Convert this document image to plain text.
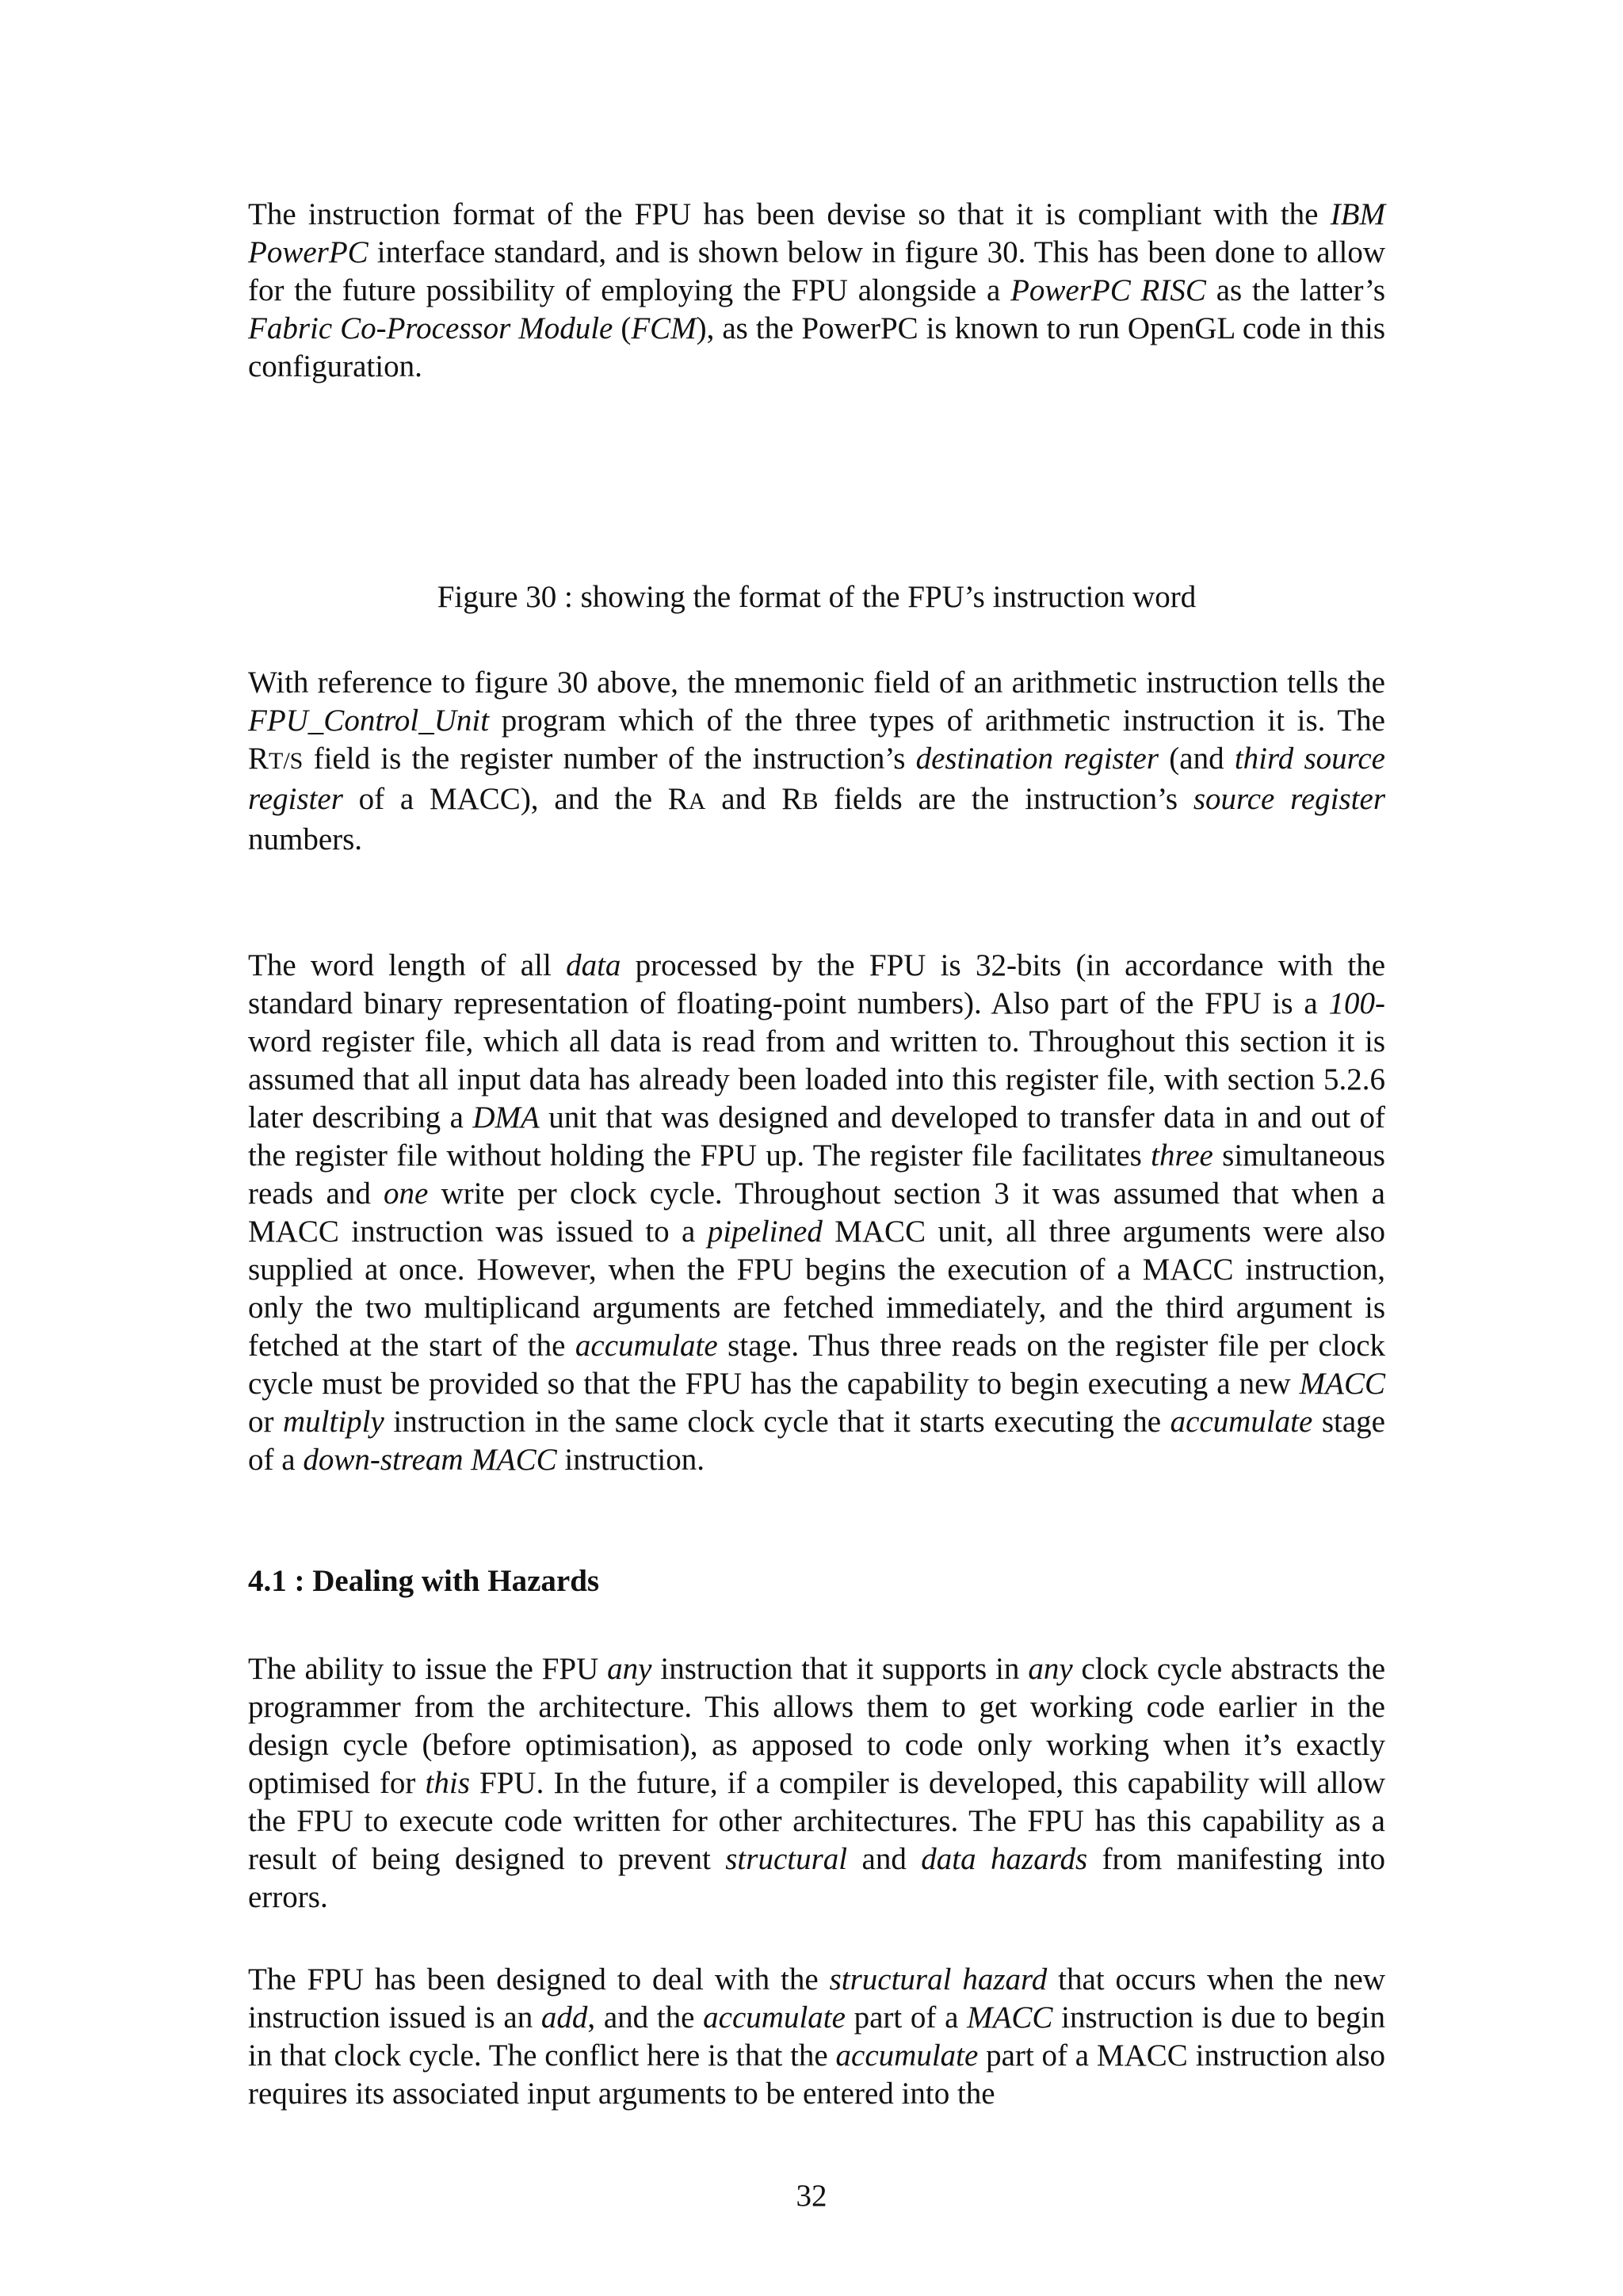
The instruction format of the FPU has been devise so that it is compliant with the IBM PowerPC interface standard, and is shown below in figure 30. This has been done to allow for the future possibility of employing the FPU alongside a PowerPC RISC as the latter’s Fabric Co-Processor Module (FCM), as the PowerPC is known to run OpenGL code in this configuration.

Figure 30 : showing the format of the FPU’s instruction word

With reference to figure 30 above, the mnemonic field of an arithmetic instruction tells the FPU_Control_Unit program which of the three types of arithmetic instruction it is. The RT/S field is the register number of the instruction’s destination register (and third source register of a MACC), and the RA and RB fields are the instruction’s source register numbers.

The word length of all data processed by the FPU is 32-bits (in accordance with the standard binary representation of floating-point numbers). Also part of the FPU is a 100-word register file, which all data is read from and written to. Throughout this section it is assumed that all input data has already been loaded into this register file, with section 5.2.6 later describing a DMA unit that was designed and developed to transfer data in and out of the register file without holding the FPU up. The register file facilitates three simultaneous reads and one write per clock cycle. Throughout section 3 it was assumed that when a MACC instruction was issued to a pipelined MACC unit, all three arguments were also supplied at once. However, when the FPU begins the execution of a MACC instruction, only the two multiplicand arguments are fetched immediately, and the third argument is fetched at the start of the accumulate stage. Thus three reads on the register file per clock cycle must be provided so that the FPU has the capability to begin executing a new MACC or multiply instruction in the same clock cycle that it starts executing the accumulate stage of a down-stream MACC instruction.

4.1 : Dealing with Hazards

The ability to issue the FPU any instruction that it supports in any clock cycle abstracts the programmer from the architecture. This allows them to get working code earlier in the design cycle (before optimisation), as apposed to code only working when it’s exactly optimised for this FPU. In the future, if a compiler is developed, this capability will allow the FPU to execute code written for other architectures. The FPU has this capability as a result of being designed to prevent structural and data hazards from manifesting into errors.

The FPU has been designed to deal with the structural hazard that occurs when the new instruction issued is an add, and the accumulate part of a MACC instruction is due to begin in that clock cycle. The conflict here is that the accumulate part of a MACC instruction also requires its associated input arguments to be entered into the

32
